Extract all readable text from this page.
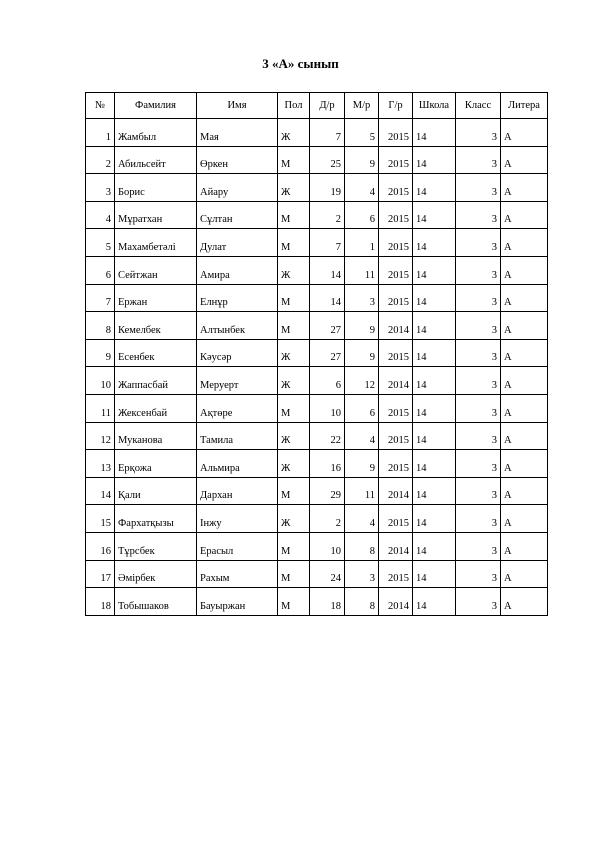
3 «А» сынып
№	Фамилия	Имя	Пол	Д/р	М/р	Г/р	Школа	Класс	Литера
1	Жамбыл	Мая	Ж	7	5	2015	14	3	А
2	Абильсейт	Өркен	М	25	9	2015	14	3	А
3	Борис	Айару	Ж	19	4	2015	14	3	А
4	Мұратхан	Сұлтан	М	2	6	2015	14	3	А
5	Махамбетәлі	Дулат	М	7	1	2015	14	3	А
6	Сейтжан	Амира	Ж	14	11	2015	14	3	А
7	Ержан	Елнұр	М	14	3	2015	14	3	А
8	Кемелбек	Алтынбек	М	27	9	2014	14	3	А
9	Есенбек	Кәусәр	Ж	27	9	2015	14	3	А
10	Жаппасбай	Меруерт	Ж	6	12	2014	14	3	А
11	Жексенбай	Ақтөре	М	10	6	2015	14	3	А
12	Муканова	Тамила	Ж	22	4	2015	14	3	А
13	Ерқожа	Альмира	Ж	16	9	2015	14	3	А
14	Қали	Дархан	М	29	11	2014	14	3	А
15	Фархатқызы	Інжу	Ж	2	4	2015	14	3	А
16	Тұрсбек	Ерасыл	М	10	8	2014	14	3	А
17	Әмірбек	Рахым	М	24	3	2015	14	3	А
18	Тобышаков	Бауыржан	М	18	8	2014	14	3	А
